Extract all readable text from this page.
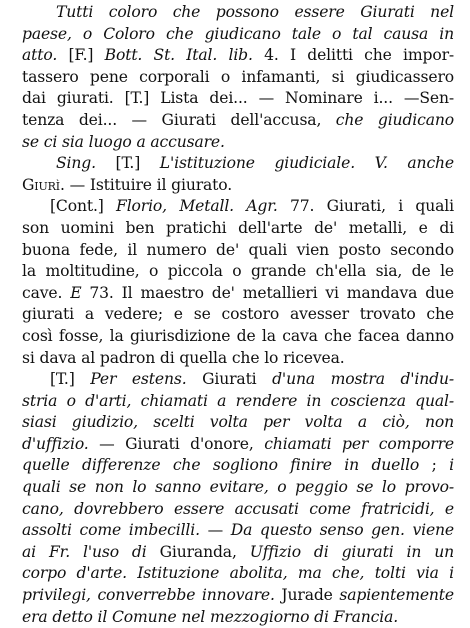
Tutti coloro che possono essere Giurati nel
paese, o Coloro che giudicano tale o tal causa in
atto. [F.] Bott. St. Ital. lib. 4. I delitti che impor-
tassero pene corporali o infamanti, si giudicassero
dai giurati. [T.] Lista dei... — Nominare i... —Sen-
tenza dei... — Giurati dell'accusa, che giudicano
se ci sia luogo a accusare.
Sing. [T.] L'istituzione giudiciale. V. anche
Giurì. — Istituire il giurato.
[Cont.] Florio, Metall. Agr. 77. Giurati, i quali
son uomini ben pratichi dell'arte de' metalli, e di
buona fede, il numero de' quali vien posto secondo
la moltitudine, o piccola o grande ch'ella sia, de le
cave. E 73. Il maestro de' metallieri vi mandava due
giurati a vedere; e se costoro avesser trovato che
così fosse, la giurisdizione de la cava che facea danno
si dava al padron di quella che lo ricevea.
[T.] Per estens. Giurati d'una mostra d'indu-
stria o d'arti, chiamati a rendere in coscienza qual-
siasi giudizio, scelti volta per volta a ciò, non
d'uffizio. — Giurati d'onore, chiamati per comporre
quelle differenze che sogliono finire in duello ; i
quali se non lo sanno evitare, o peggio se lo provo-
cano, dovrebbero essere accusati come fratricidi, e
assolti come imbecilli. — Da questo senso gen. viene
ai Fr. l'uso di Giuranda, Uffizio di giurati in un
corpo d'arte. Istituzione abolita, ma che, tolti via i
privilegi, converrebbe innovare. Jurade sapientemente
era detto il Comune nel mezzogiorno di Francia.
